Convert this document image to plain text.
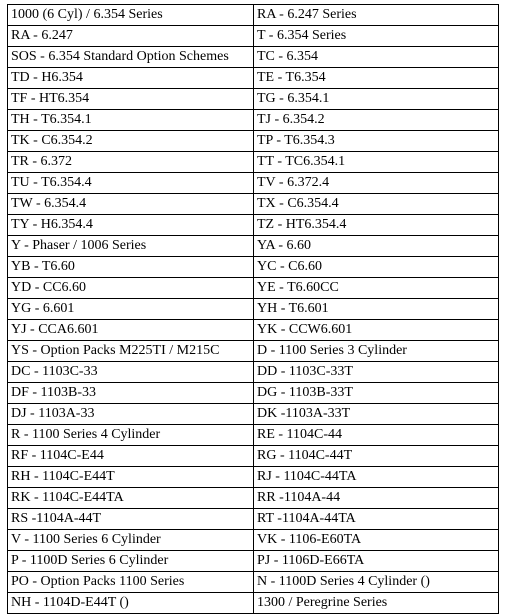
1000 (6 Cyl) / 6.354 Series	RA - 6.247 Series
RA - 6.247	T - 6.354 Series
SOS - 6.354 Standard Option Schemes	TC - 6.354
TD - H6.354	TE - T6.354
TF - HT6.354	TG - 6.354.1
TH - T6.354.1	TJ - 6.354.2
TK - C6.354.2	TP - T6.354.3
TR - 6.372	TT - TC6.354.1
TU - T6.354.4	TV - 6.372.4
TW - 6.354.4	TX - C6.354.4
TY - H6.354.4	TZ - HT6.354.4
Y - Phaser / 1006 Series	YA - 6.60
YB - T6.60	YC - C6.60
YD - CC6.60	YE - T6.60CC
YG - 6.601	YH - T6.601
YJ - CCA6.601	YK - CCW6.601
YS - Option Packs M225TI / M215C	D - 1100 Series 3 Cylinder
DC - 1103C-33	DD - 1103C-33T
DF - 1103B-33	DG - 1103B-33T
DJ - 1103A-33	DK -1103A-33T
R - 1100 Series 4 Cylinder	RE - 1104C-44
RF - 1104C-E44	RG - 1104C-44T
RH - 1104C-E44T	RJ - 1104C-44TA
RK - 1104C-E44TA	RR -1104A-44
RS -1104A-44T	RT -1104A-44TA
V - 1100 Series 6 Cylinder	VK - 1106-E60TA
P - 1100D Series 6 Cylinder	PJ - 1106D-E66TA
PO - Option Packs 1100 Series	N - 1100D Series 4 Cylinder ()
NH - 1104D-E44T ()	1300 / Peregrine Series
